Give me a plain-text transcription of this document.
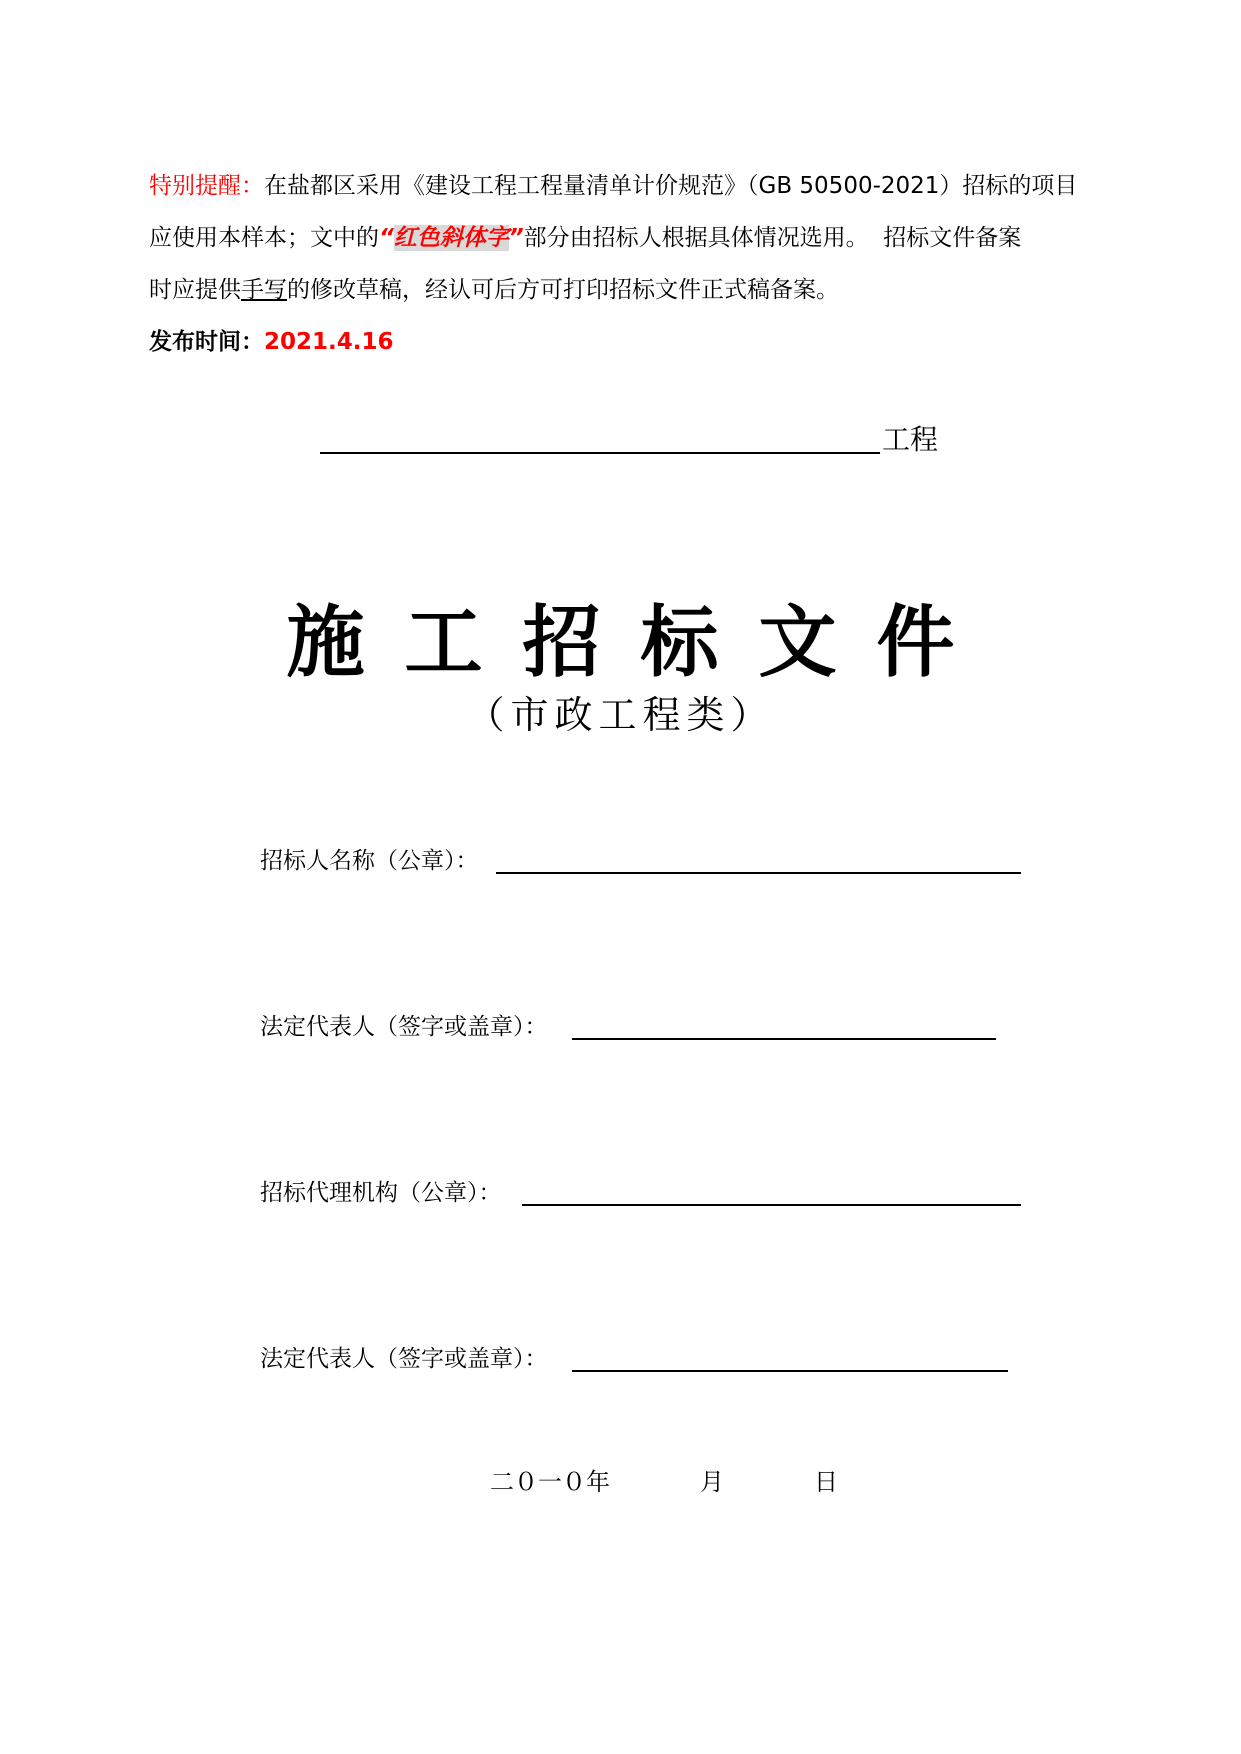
特别提醒：在盐都区采用《建设工程工程量清单计价规范》（GB 50500-2021）招标的项目

应使用本样本；文中的“红色斜体字”部分由招标人根据具体情况选用。  招标文件备案

时应提供手写的修改草稿，经认可后方可打印招标文件正式稿备案。

发布时间：2021.4.16

工程
施工招标文件
（市政工程类）
招标人名称（公章）：
法定代表人（签字或盖章）：
招标代理机构（公章）：
法定代表人（签字或盖章）：
二０一０年	月	日
